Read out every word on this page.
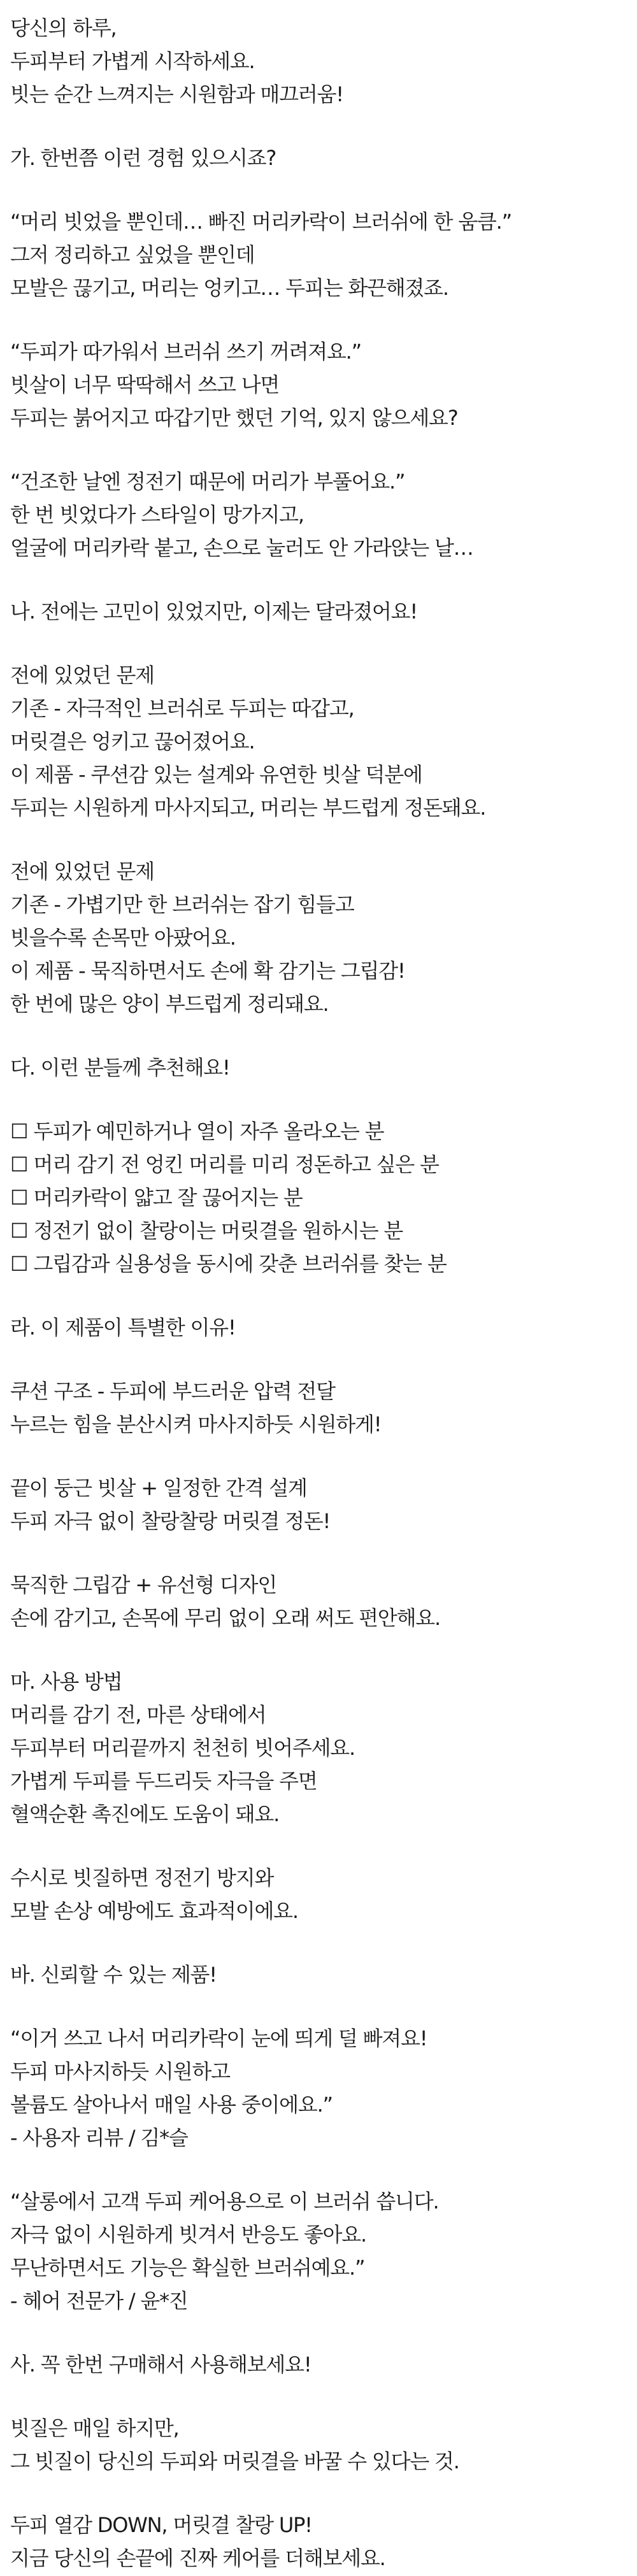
당신의 하루,
두피부터 가볍게 시작하세요.
빗는 순간 느껴지는 시원함과 매끄러움!
가. 한번쯤 이런 경험 있으시죠?
“머리 빗었을 뿐인데… 빠진 머리카락이 브러쉬에 한 움큼.”
그저 정리하고 싶었을 뿐인데
모발은 끊기고, 머리는 엉키고… 두피는 화끈해졌죠.
“두피가 따가워서 브러쉬 쓰기 꺼려져요.”
빗살이 너무 딱딱해서 쓰고 나면
두피는 붉어지고 따갑기만 했던 기억, 있지 않으세요?
“건조한 날엔 정전기 때문에 머리가 부풀어요.”
한 번 빗었다가 스타일이 망가지고,
얼굴에 머리카락 붙고, 손으로 눌러도 안 가라앉는 날…
나. 전에는 고민이 있었지만, 이제는 달라졌어요!
전에 있었던 문제
기존 - 자극적인 브러쉬로 두피는 따갑고,
머릿결은 엉키고 끊어졌어요.
이 제품 - 쿠션감 있는 설계와 유연한 빗살 덕분에
두피는 시원하게 마사지되고, 머리는 부드럽게 정돈돼요.
전에 있었던 문제
기존 - 가볍기만 한 브러쉬는 잡기 힘들고
빗을수록 손목만 아팠어요.
이 제품 - 묵직하면서도 손에 확 감기는 그립감!
한 번에 많은 양이 부드럽게 정리돼요.
다. 이런 분들께 추천해요!
☐ 두피가 예민하거나 열이 자주 올라오는 분
☐ 머리 감기 전 엉킨 머리를 미리 정돈하고 싶은 분
☐ 머리카락이 얇고 잘 끊어지는 분
☐ 정전기 없이 찰랑이는 머릿결을 원하시는 분
☐ 그립감과 실용성을 동시에 갖춘 브러쉬를 찾는 분
라. 이 제품이 특별한 이유!
쿠션 구조 - 두피에 부드러운 압력 전달
누르는 힘을 분산시켜 마사지하듯 시원하게!
끝이 둥근 빗살 + 일정한 간격 설계
두피 자극 없이 찰랑찰랑 머릿결 정돈!
묵직한 그립감 + 유선형 디자인
손에 감기고, 손목에 무리 없이 오래 써도 편안해요.
마. 사용 방법
머리를 감기 전, 마른 상태에서
두피부터 머리끝까지 천천히 빗어주세요.
가볍게 두피를 두드리듯 자극을 주면
혈액순환 촉진에도 도움이 돼요.
수시로 빗질하면 정전기 방지와
모발 손상 예방에도 효과적이에요.
바. 신뢰할 수 있는 제품!
“이거 쓰고 나서 머리카락이 눈에 띄게 덜 빠져요!
두피 마사지하듯 시원하고
볼륨도 살아나서 매일 사용 중이에요.”
- 사용자 리뷰 / 김*슬
“살롱에서 고객 두피 케어용으로 이 브러쉬 씁니다.
자극 없이 시원하게 빗겨서 반응도 좋아요.
무난하면서도 기능은 확실한 브러쉬예요.”
- 헤어 전문가 / 윤*진
사. 꼭 한번 구매해서 사용해보세요!
빗질은 매일 하지만,
그 빗질이 당신의 두피와 머릿결을 바꿀 수 있다는 것.
두피 열감 DOWN, 머릿결 찰랑 UP!
지금 당신의 손끝에 진짜 케어를 더해보세요.
